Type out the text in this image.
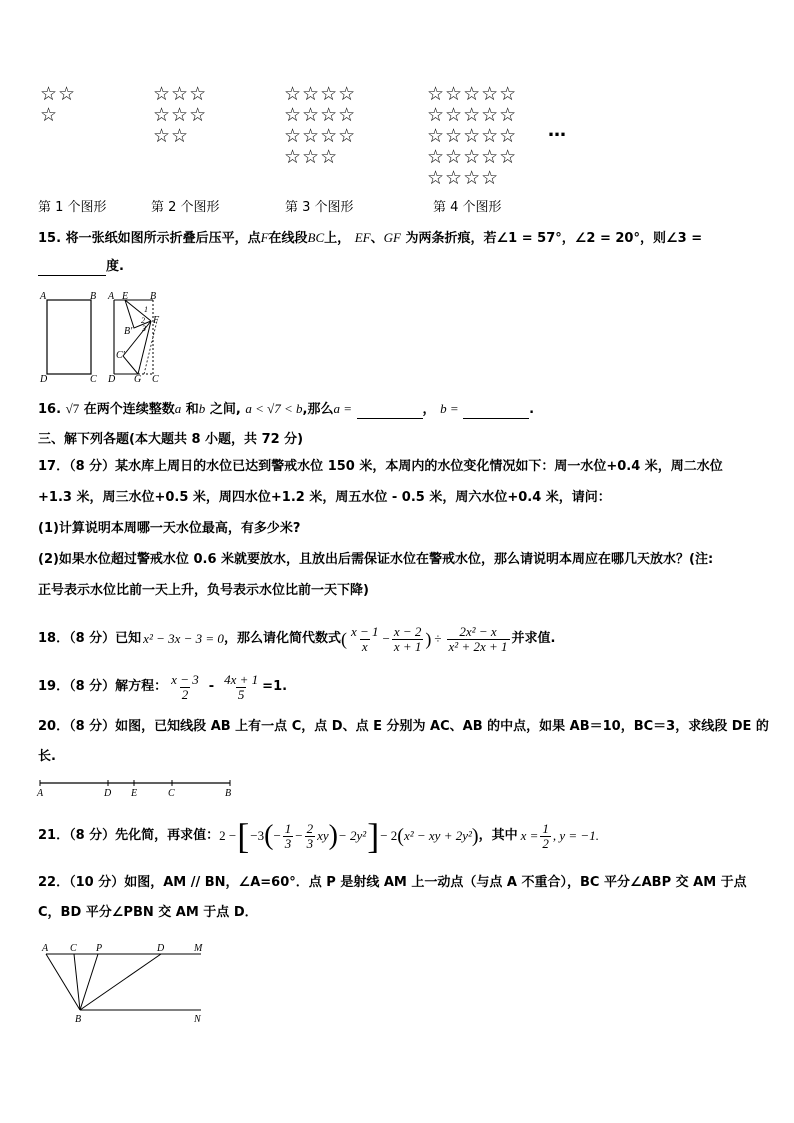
☆☆
☆
☆☆☆
☆☆☆
☆☆
☆☆☆☆
☆☆☆☆
☆☆☆☆
☆☆☆
☆☆☆☆☆
☆☆☆☆☆
☆☆☆☆☆
☆☆☆☆☆
☆☆☆☆
…
第 1 个图形	第 2 个图形	第 3 个图形	第 4 个图形
15. 将一张纸如图所示折叠后压平，点F在线段BC上， EF、GF 为两条折痕，若∠1 = 57°，∠2 = 20°，则∠3 =
度.
A	B
D	C
A E B
1
2
3
F
B'
C'
D G C
16. √7 在两个连续整数a 和b 之间, a < √7 < b,那么a =	， b =	.
三、解下列各题(本大题共 8 小题，共 72 分)
17．（8 分）某水库上周日的水位已达到警戒水位 150 米，本周内的水位变化情况如下：周一水位+0.4 米，周二水位
+1.3 米，周三水位+0.5 米，周四水位+1.2 米，周五水位 - 0.5 米，周六水位+0.4 米，请问：
(1)计算说明本周哪一天水位最高，有多少米?
(2)如果水位超过警戒水位 0.6 米就要放水，且放出后需保证水位在警戒水位，那么请说明本周应在哪几天放水？(注:
正号表示水位比前一天上升，负号表示水位比前一天下降)
18．（8 分）已知 x² − 3x − 3 = 0 ，那么请化简代数式 ( $\frac{x - 1}{x} - \frac{x - 2}{x + 1}$ ) ÷ $\frac{\text{2x² − x}}{\text{x² + 2x + 1}}$ 并求值.
19．（8 分）解方程： $\frac{x - 3}{2} - \frac{4x + 1}{5} =1$.
20．（8 分）如图，已知线段 AB 上有一点 C，点 D、点 E 分别为 AC、AB 的中点，如果 AB＝10，BC＝3，求线段 DE 的
长.
A	D E	C	B
21．（8 分）先化简，再求值： 2 − [ −3 ( − $\frac{1}{3} - \frac{2}{3}$ xy ) − 2y² ] − 2 ( x² − xy + 2y² ) ，其中 $x = \frac{1}{2}$ , y = −1.
22．（10 分）如图，AM // BN，∠A=60°．点 P 是射线 AM 上一动点（与点 A 不重合），BC 平分∠ABP 交 AM 于点
C，BD 平分∠PBN 交 AM 于点 D．
A C P	D	M
B	N
